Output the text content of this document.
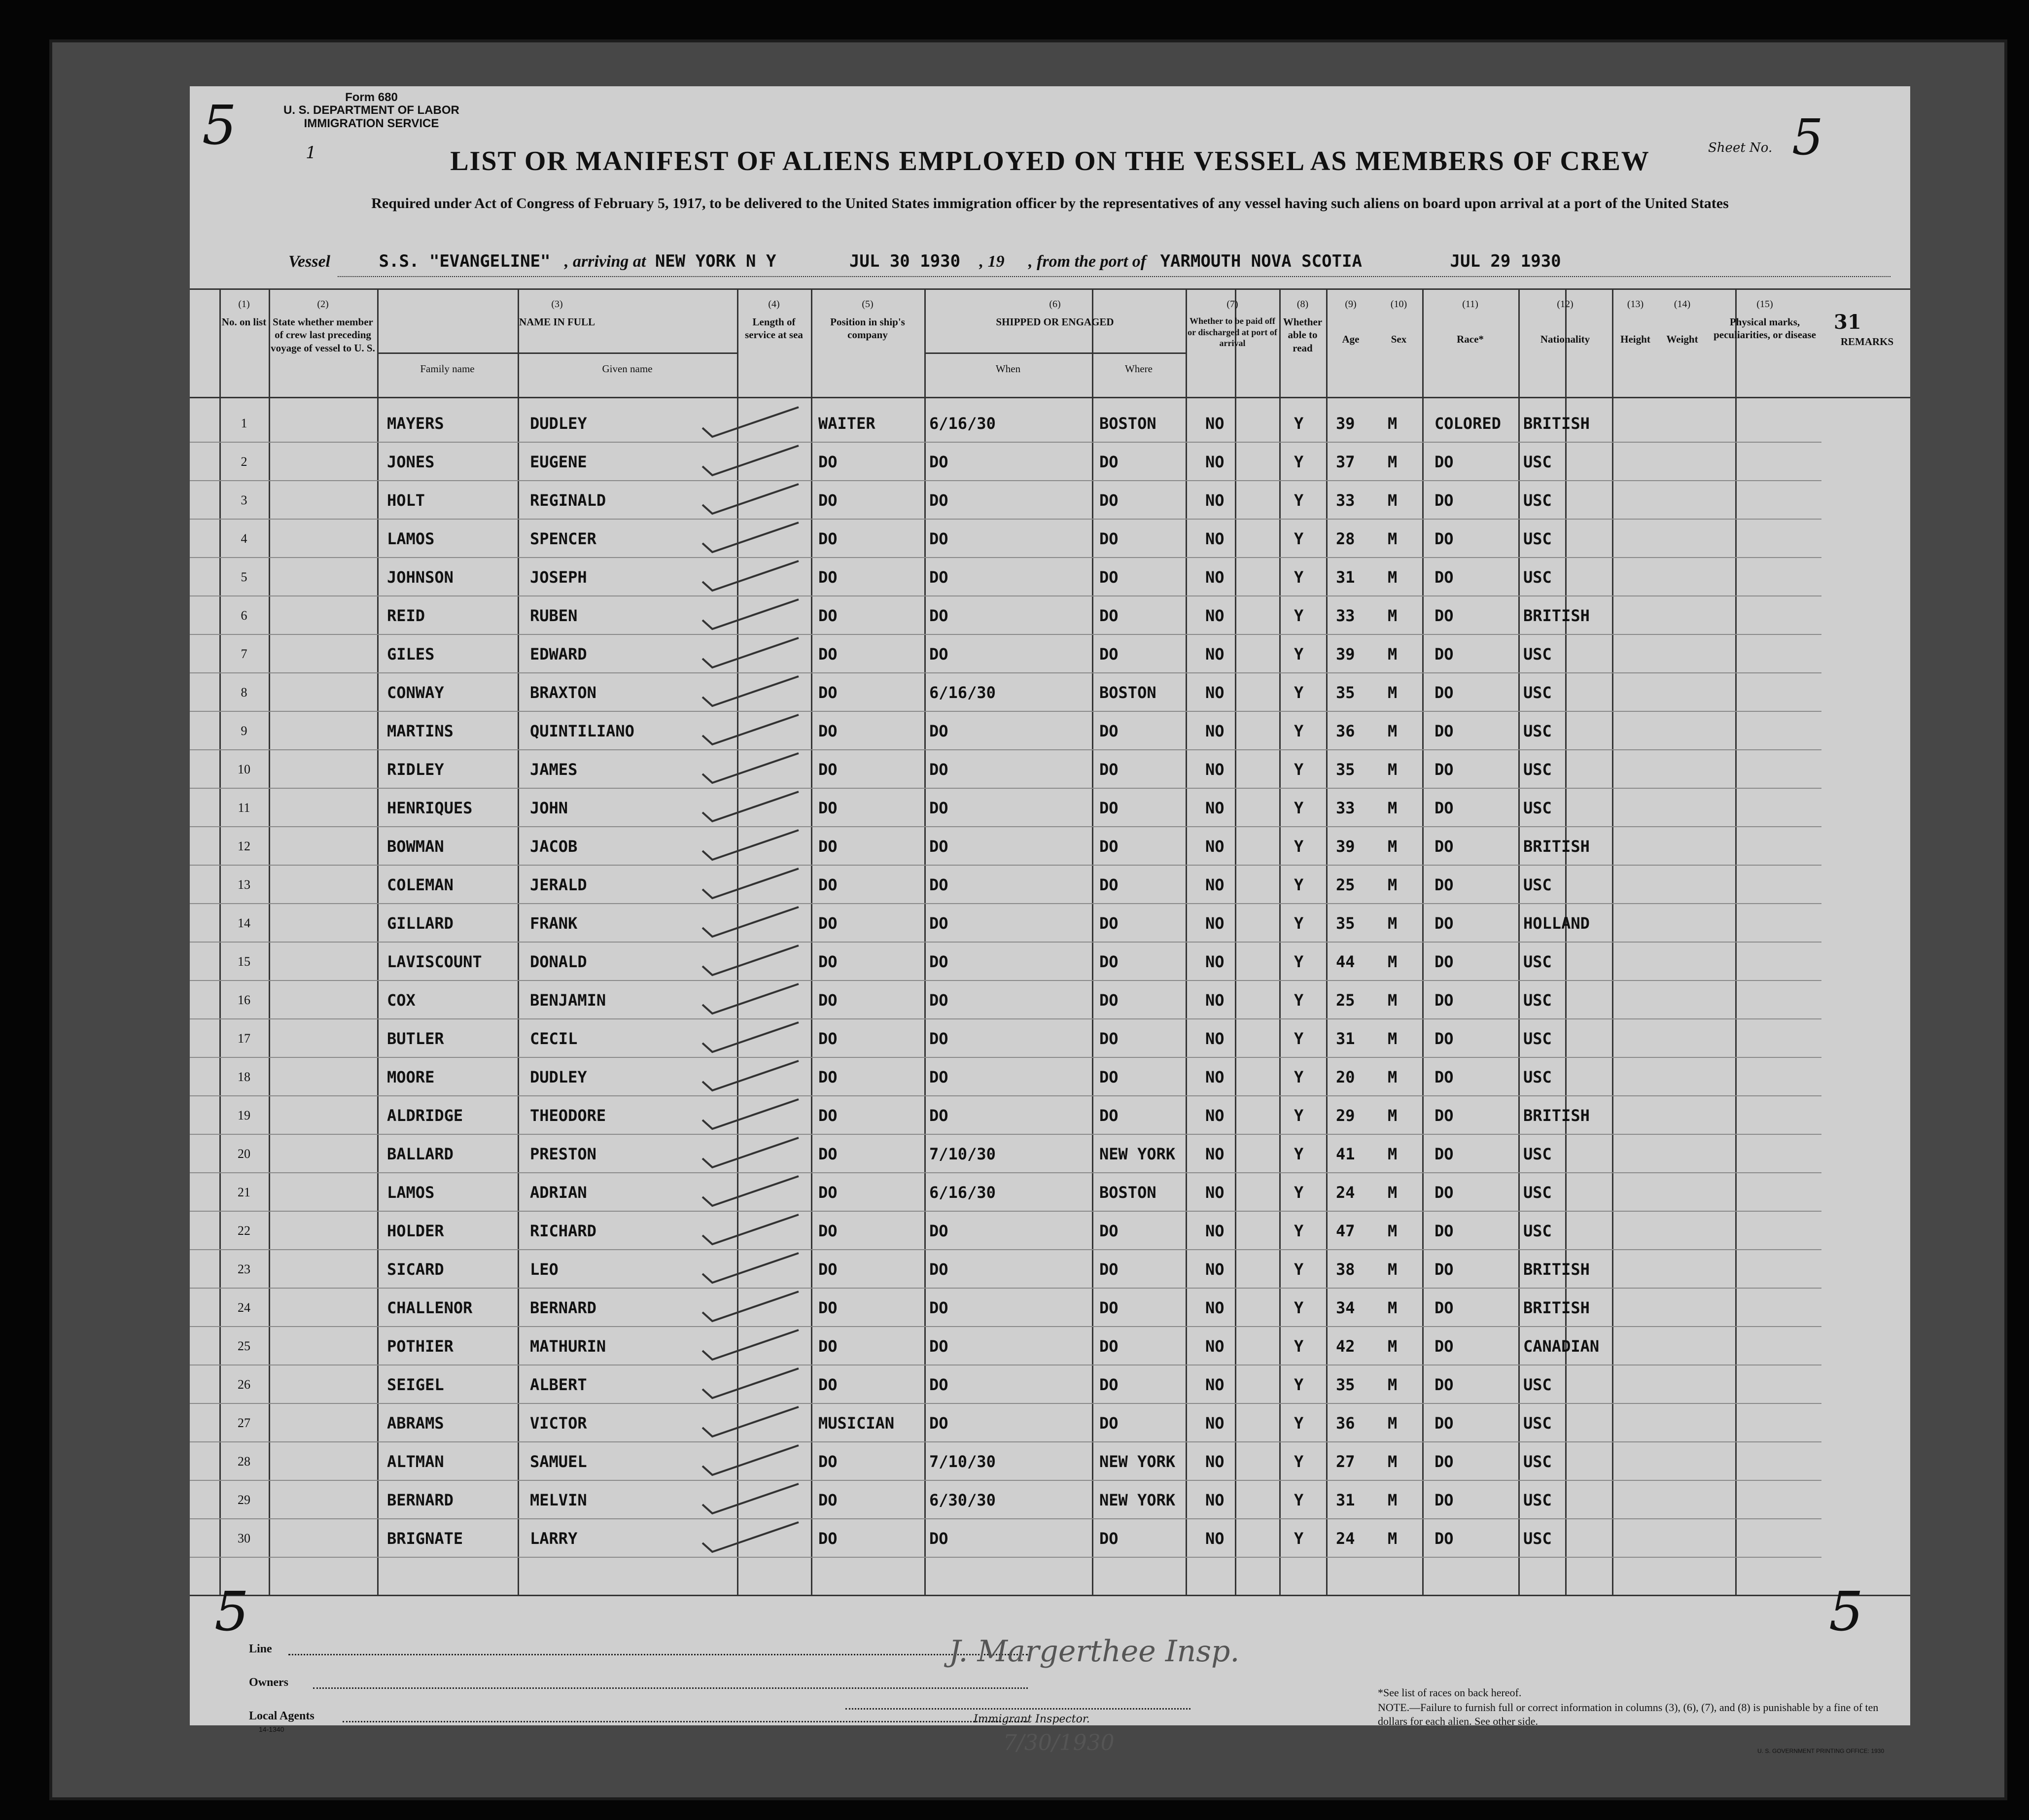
5	Form 680
U. S. DEPARTMENT OF LABOR
IMMIGRATION SERVICE
1	LIST OR MANIFEST OF ALIENS EMPLOYED ON THE VESSEL AS MEMBERS OF CREW
Required under Act of Congress of February 5, 1917, to be delivered to the United States immigration officer by the representatives of any vessel having such aliens on board upon arrival at a port of the United States
Sheet No. 5
Vessel	S.S. "EVANGELINE" , arriving at NEW YORK N Y	JUL 30 1930 , 19 , from the port of YARMOUTH NOVA SCOTIA	JUL 29 1930
(1)
No. on list
(2)
State whether member of crew last preceding voyage of vessel to U. S.
(3)
NAME IN FULL
Family name	Given name
(4)
Length of service at sea
(5)
Position in ship's company
(6)
SHIPPED OR ENGAGED
When	Where
(7)
Whether to be paid off or discharged at port of arrival
(8)
Whether able to read
(9)
Age
(10)
Sex
(11)
Race*
(12)
Nationality
(13)
Height
(14)
Weight
(15)
Physical marks, peculiarities, or disease
REMARKS
1	MAYERS	DUDLEY	WAITER	6/16/30	BOSTON	NO	Y 39 M COLORED BRITISH
2	JONES	EUGENE	DO	DO	DO	NO	Y 37 M DO	USC
3	HOLT	REGINALD	DO	DO	DO	NO	Y 33 M DO	USC
4	LAMOS	SPENCER	DO	DO	DO	NO	Y 28 M DO	USC
5	JOHNSON	JOSEPH	DO	DO	DO	NO	Y 31 M DO	USC
6	REID	RUBEN	DO	DO	DO	NO	Y 33 M DO	BRITISH
7	GILES	EDWARD	DO	DO	DO	NO	Y 39 M DO	USC
8	CONWAY	BRAXTON	DO	6/16/30	BOSTON	NO	Y 35 M DO	USC
9	MARTINS	QUINTILIANO	DO	DO	DO	NO	Y 36 M DO	USC
10	RIDLEY	JAMES	DO	DO	DO	NO	Y 35 M DO	USC
11	HENRIQUES	JOHN	DO	DO	DO	NO	Y 33 M DO	USC
12	BOWMAN	JACOB	DO	DO	DO	NO	Y 39 M DO	BRITISH
13	COLEMAN	JERALD	DO	DO	DO	NO	Y 25 M DO	USC
14	GILLARD	FRANK	DO	DO	DO	NO	Y 35 M DO	HOLLAND
15	LAVISCOUNT	DONALD	DO	DO	DO	NO	Y 44 M DO	USC
16	COX	BENJAMIN	DO	DO	DO	NO	Y 25 M DO	USC
17	BUTLER	CECIL	DO	DO	DO	NO	Y 31 M DO	USC
18	MOORE	DUDLEY	DO	DO	DO	NO	Y 20 M DO	USC
19	ALDRIDGE	THEODORE	DO	DO	DO	NO	Y 29 M DO	BRITISH
20	BALLARD	PRESTON	DO	7/10/30	NEW YORK NO	Y 41 M DO	USC
21	LAMOS	ADRIAN	DO	6/16/30	BOSTON	NO	Y 24 M DO	USC
22	HOLDER	RICHARD	DO	DO	DO	NO	Y 47 M DO	USC
23	SICARD	LEO	DO	DO	DO	NO	Y 38 M DO	BRITISH
24	CHALLENOR	BERNARD	DO	DO	DO	NO	Y 34 M DO	BRITISH
25	POTHIER	MATHURIN	DO	DO	DO	NO	Y 42 M DO	CANADIAN
26	SEIGEL	ALBERT	DO	DO	DO	NO	Y 35 M DO	USC
27	ABRAMS	VICTOR	MUSICIAN DO	DO	NO	Y 36 M DO	USC
28	ALTMAN	SAMUEL	DO	7/10/30	NEW YORK NO	Y 27 M DO	USC
29	BERNARD	MELVIN	DO	6/30/30	NEW YORK NO	Y 31 M DO	USC
30	BRIGNATE	LARRY	DO	DO	DO	NO	Y 24 M DO	USC
31
5	5
Line
Owners
Local Agents
14-1340
J. Margerthee Insp.
Immigrant Inspector.
7/30/1930
*See list of races on back hereof.
NOTE.—Failure to furnish full or correct information in columns (3), (6), (7), and (8) is punishable by a fine of ten dollars for each alien. See other side.
U. S. GOVERNMENT PRINTING OFFICE: 1930
